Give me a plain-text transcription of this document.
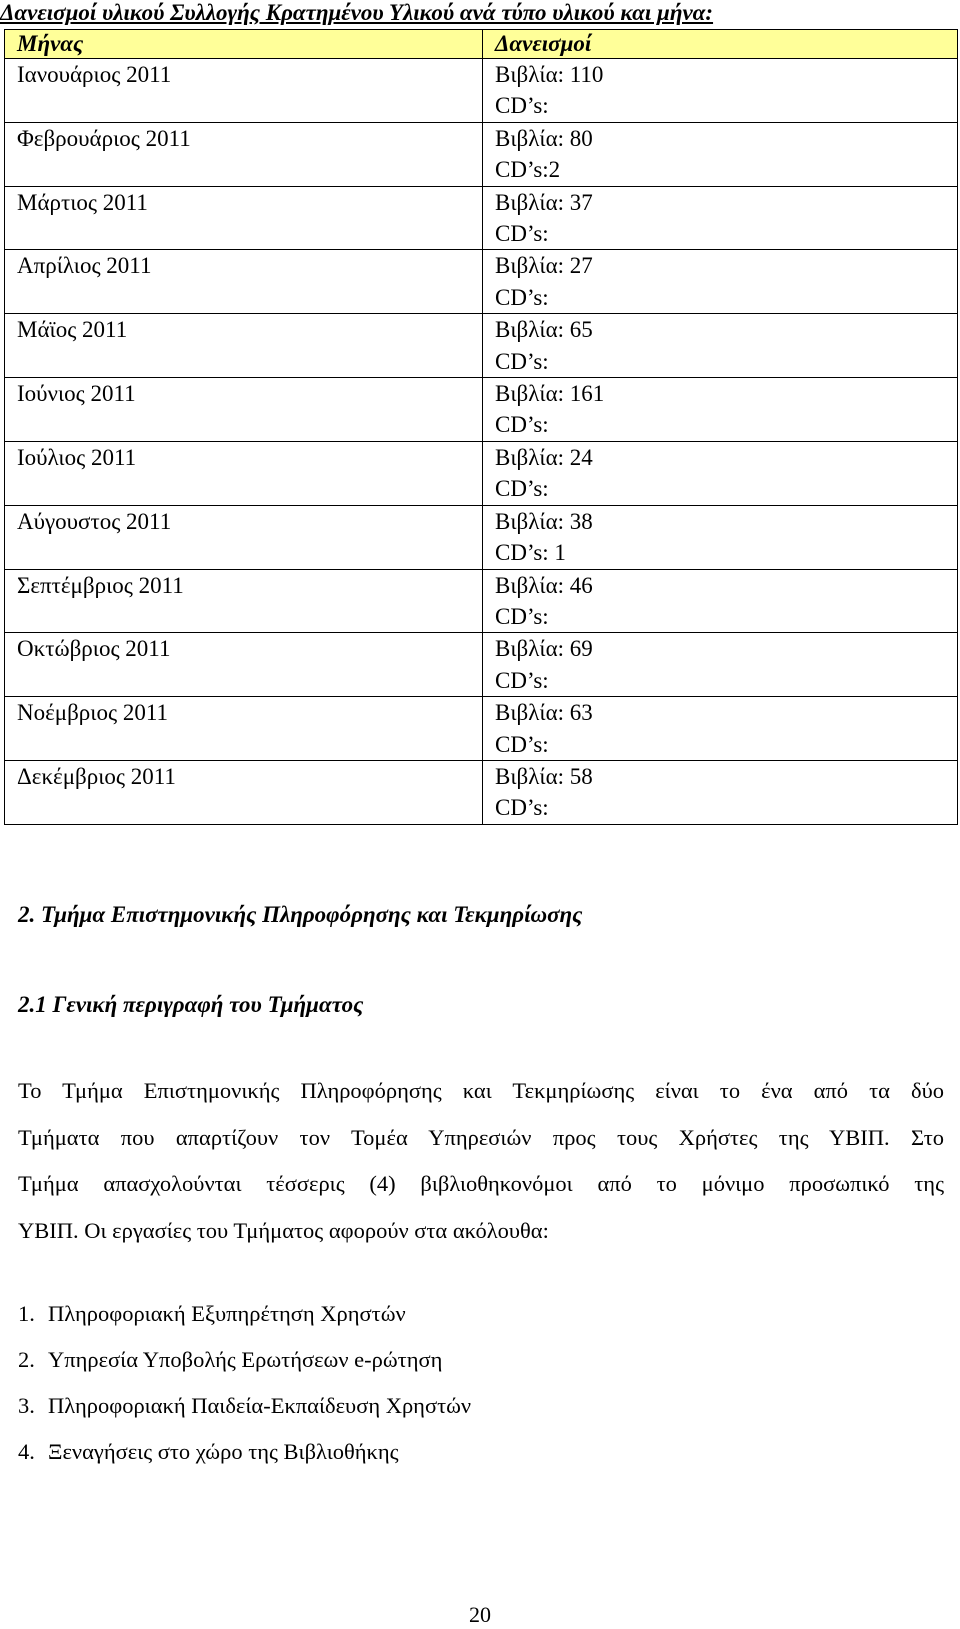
Δανεισμοί υλικού Συλλογής Κρατημένου Υλικού ανά τύπο υλικού και μήνα:
Μήνας	Δανεισμοί
Ιανουάριος 2011	Βιβλία: 110
CD’s:

Φεβρουάριος 2011	Βιβλία: 80
CD’s:2

Μάρτιος 2011	Βιβλία: 37
CD’s:

Απρίλιος 2011	Βιβλία: 27
CD’s:

Μάϊος 2011	Βιβλία: 65
CD’s:

Ιούνιος 2011	Βιβλία: 161
CD’s:

Ιούλιος 2011	Βιβλία: 24
CD’s:

Αύγουστος 2011	Βιβλία: 38
CD’s: 1

Σεπτέμβριος 2011	Βιβλία: 46
CD’s:

Οκτώβριος 2011	Βιβλία: 69
CD’s:

Νοέμβριος 2011	Βιβλία: 63
CD’s:

Δεκέμβριος 2011	Βιβλία: 58
CD’s:
2. Τμήμα Επιστημονικής Πληροφόρησης και Τεκμηρίωσης
2.1 Γενική περιγραφή του Τμήματος
Το Τμήμα Επιστημονικής Πληροφόρησης και Τεκμηρίωσης είναι το ένα από τα δύο
Τμήματα που απαρτίζουν τον Τομέα Υπηρεσιών προς τους Χρήστες της ΥΒΙΠ. Στο
Τμήμα απασχολούνται τέσσερις (4) βιβλιοθηκονόμοι από το μόνιμο προσωπικό της
ΥΒΙΠ. Οι εργασίες του Τμήματος αφορούν στα ακόλουθα:
1. Πληροφοριακή Εξυπηρέτηση Χρηστών
2. Υπηρεσία Υποβολής Ερωτήσεων e-ρώτηση
3. Πληροφοριακή Παιδεία-Εκπαίδευση Χρηστών
4. Ξεναγήσεις στο χώρο της Βιβλιοθήκης
20
